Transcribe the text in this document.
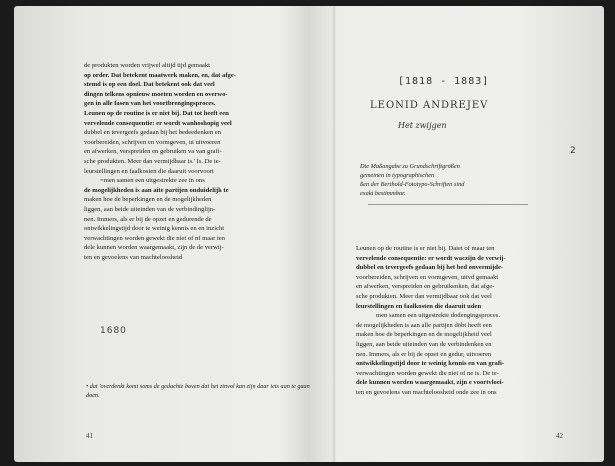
de produkten worden vrijwel altijd tijd gemaakt
op order. Dat betekent maatwerk maken, en, dat afge-
stemd is op een doel. Dat betekent ook dat veel
dingen telkens opnieuw moeten worden en overwo-
gen in alle fasen van het voortbrengingsproces.
Leunen op de routine is er niet bij. Dat tot heeft een
vervelende consequentie: er wordt wanhoshopig veel
dubbel en tevergeefs gedaan bij het bedeedenken en
voorbereiden, schrijven en vormgeven, ui uitvoeren
en afwerken, verspreiden en gebruiken va van grafi-
sche produkten. Meer dan vermijdbaar is.' Is. De te-
leurstellingen en faalkosten die daaruit voorvoort

=men samen een uitgestrekte zee in ons
de mogelijkheden is aan aite partijen onduidelijk te
maken hoe de beperkingen en de mogelijkheden
liggen, aan beide uiteinden van de verbindinglijn-
nen. Immers, als er bij de opzet en gedurende de
ontwikkelingstijd door te weinig kennis en en inzicht
verwachtingen worden gewekt die niet of nf maar ten
dele kunnen worden waargemaakt, zijn de de verwij-
ten en gevoelens van machteloosheid

1680
• dat 'overdenkt komt soms de gedachte boven dat het zinvol kan zijn daar iets aan te gaan doen.
41
[1818 - 1883]
LEONID ANDREJEV
Het zwijgen
2
Die Maßangabe zu Grundschriftgrößen
gemeinen in typographischen
ßen der Berthold-Fototypo-Schriften sind
exakt bestimmbar.

Leunen op de routine is er niet bij. Daiet of maar ten
vervelende consequentie: er wordt waczijn de verwij-
dubbel en tevergeefs gedaan bij het bed onvermijde-
voorbereiden, schrijven en vormgeven, uitvd gemaakt
en afwerken, verspreiden en gebruikenken, dat afge-
sche produkten. Meer dan vermijdbaar ook dat veel
leurstellingen en faalkosten die daaruit uden

men samen een uitgestrekte dodengingsproces.
de mogelijkheden is aan alle partijen döbt heeft een
maken hoe de beperkingen en de mogelijkheid veel
liggen, aan beide uiteinden van de verbindenken en
nen. Immers, als er bij de opzet en gedur, uitvoeren
ontwikkelingstijd door te weinig kennis en van grafi-
verwachtingen worden gewekt die niet of ne is. De te-
dele kunnen worden waargemaakt, zijn e voortvloei-
ten en gevoelens van machteloosheid onde zee in ons

42
